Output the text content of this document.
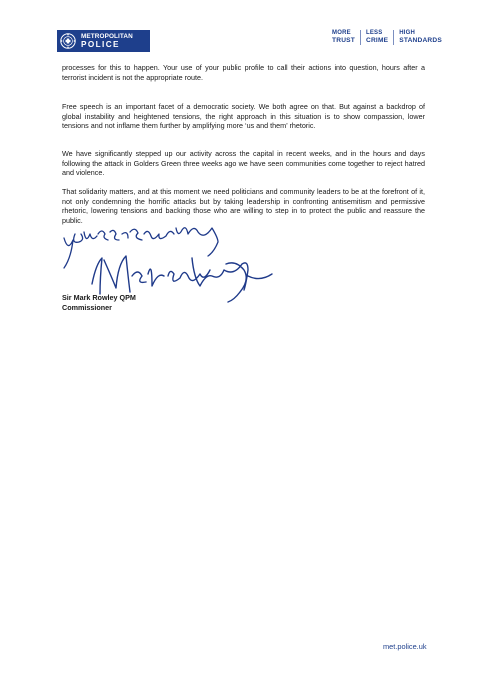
METROPOLITAN
POLICE
MORE
TRUST
LESS
CRIME
HIGH
STANDARDS

processes for this to happen. Your use of your public profile to call their actions into question, hours after a terrorist incident is not the appropriate route.

Free speech is an important facet of a democratic society. We both agree on that. But against a backdrop of global instability and heightened tensions, the right approach in this situation is to show compassion, lower tensions and not inflame them further by amplifying more ‘us and them’ rhetoric.

We have significantly stepped up our activity across the capital in recent weeks, and in the hours and days following the attack in Golders Green three weeks ago we have seen communities come together to reject hatred and violence.

That solidarity matters, and at this moment we need politicians and community leaders to be at the forefront of it, not only condemning the horrific attacks but by taking leadership in confronting antisemitism and permissive rhetoric, lowering tensions and backing those who are willing to step in to protect the public and reassure the public.

Sir Mark Rowley QPM
Commissioner
met.police.uk
